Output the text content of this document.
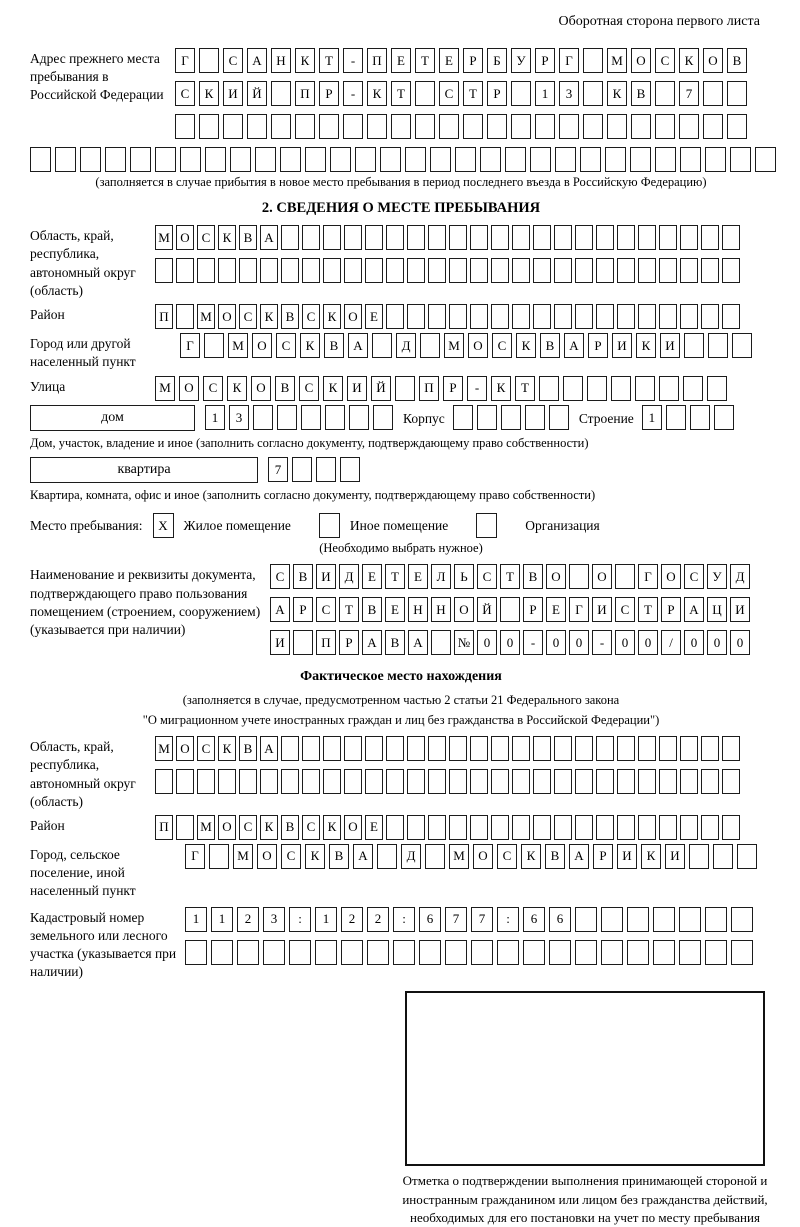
Оборотная сторона первого листа
Адрес прежнего места пребывания в Российской Федерации
Г	С	А	Н	К	Т	-	П	Е	Т	Е	Р	Б	У	Р	Г	М	О	С	К	О	В
С	К	И	Й	П	Р	-	К	Т	С	Т	Р	1	3	К	В	7
(заполняется в случае прибытия в новое место пребывания в период последнего въезда в Российскую Федерацию)
2. СВЕДЕНИЯ О МЕСТЕ ПРЕБЫВАНИЯ
Область, край, республика, автономный округ (область)
М О С К В А
Район	П	М О С К В С К О Е
Город или другой населенный пункт
Г	М	О	С	К	В	А	Д	М	О	С	К	В	А	Р	И	К	И
Улица	М	О	С	К	О	В	С	К	И	Й	П	Р	-	К	Т
дом	1	3	Корпус	Строение	1
Дом, участок, владение и иное (заполнить согласно документу, подтверждающему право собственности)
квартира	7
Квартира, комната, офис и иное (заполнить согласно документу, подтверждающему право собственности)
Место пребывания:	X	Жилое помещение	Иное помещение	Организация
(Необходимо выбрать нужное)
Наименование и реквизиты документа, подтверждающего право пользования помещением (строением, сооружением) (указывается при наличии)
С	В	И	Д	Е	Т	Е	Л	Ь	С	Т	В	О	О	Г	О	С	У	Д
А	Р	С	Т	В	Е	Н	Н	О	Й	Р	Е	Г	И	С	Т	Р	А	Ц	И
И	П	Р	А	В	А	№	0	0	-	0	0	-	0	0	/	0	0	0
Фактическое место нахождения
(заполняется в случае, предусмотренном частью 2 статьи 21 Федерального закона
"О миграционном учете иностранных граждан и лиц без гражданства в Российской Федерации")
Область, край, республика, автономный округ (область)
М О С К В А
Район	П	М О С К В С К О Е
Город, сельское поселение, иной населенный пункт
Г	М	О	С	К	В	А	Д	М	О	С	К	В	А	Р	И	К	И
Кадастровый номер земельного или лесного участка (указывается при наличии)
1	1	2	3	:	1	2	2	:	6	7	7	:	6	6
Отметка о подтверждении выполнения принимающей стороной и иностранным гражданином или лицом без гражданства действий, необходимых для его постановки на учет по месту пребывания
